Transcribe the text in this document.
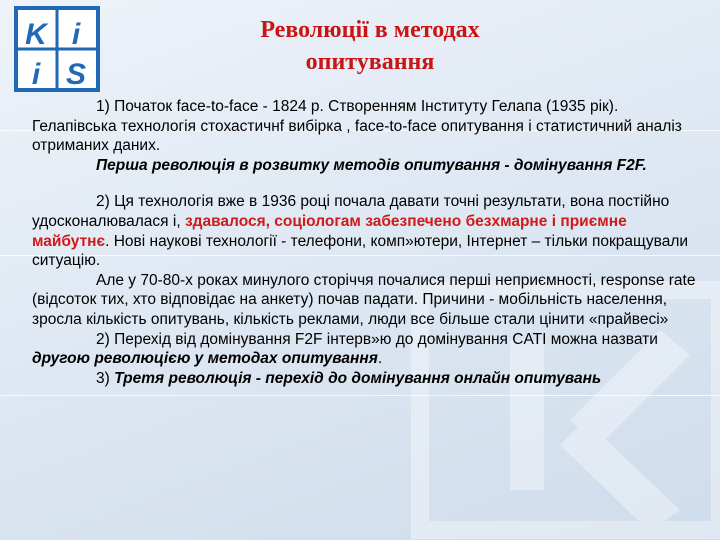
K i
i S
Революції в методах
опитування

1) Початок face-to-face - 1824 р. Створенням Інституту Гелапа (1935 рік). Гелапівська технологія стохастичнf вибірка , face-to-face опитування і статистичний аналіз отриманих даних.

Перша революція в розвитку методів опитування - домінування F2F.

2) Ця технологія вже в 1936 році почала давати точні результати, вона постійно удосконалювалася і, здавалося, соціологам забезпечено безхмарне і приємне майбутнє. Нові наукові технології - телефони, комп»ютери, Інтернет – тільки покращували ситуацію.

Але у 70-80-х роках минулого сторіччя почалися перші неприємності, response rate (відсоток тих, хто відповідає на анкету) почав падати. Причини - мобільність населення, зросла кількість опитувань, кількість реклами, люди все більше стали цінити «прайвесі»

2) Перехід від домінування F2F інтерв»ю до домінування CATI можна назвати другою революцією у методах опитування.

3) Третя революція - перехід до домінування онлайн опитувань
